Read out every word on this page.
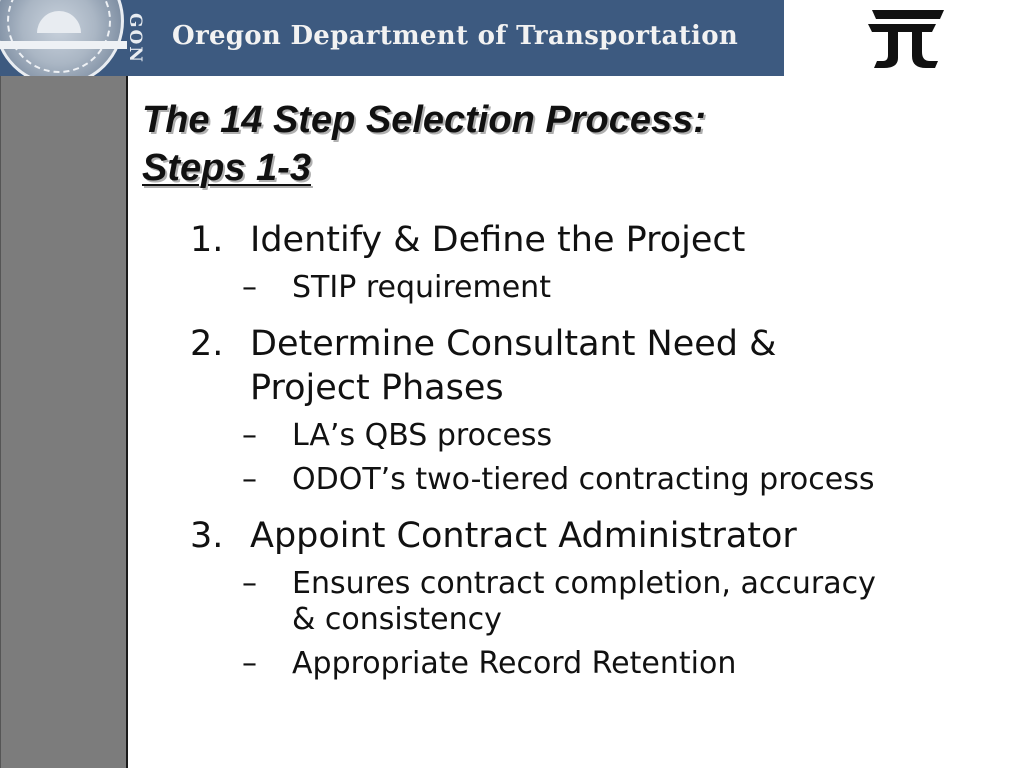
GON Oregon Department of Transportation
The 14 Step Selection Process:
Steps 1-3
1. Identify & Define the Project
– STIP requirement
2. Determine Consultant Need &
Project Phases
– LA’s QBS process
– ODOT’s two-tiered contracting process
3. Appoint Contract Administrator
– Ensures contract completion, accuracy
& consistency
– Appropriate Record Retention
